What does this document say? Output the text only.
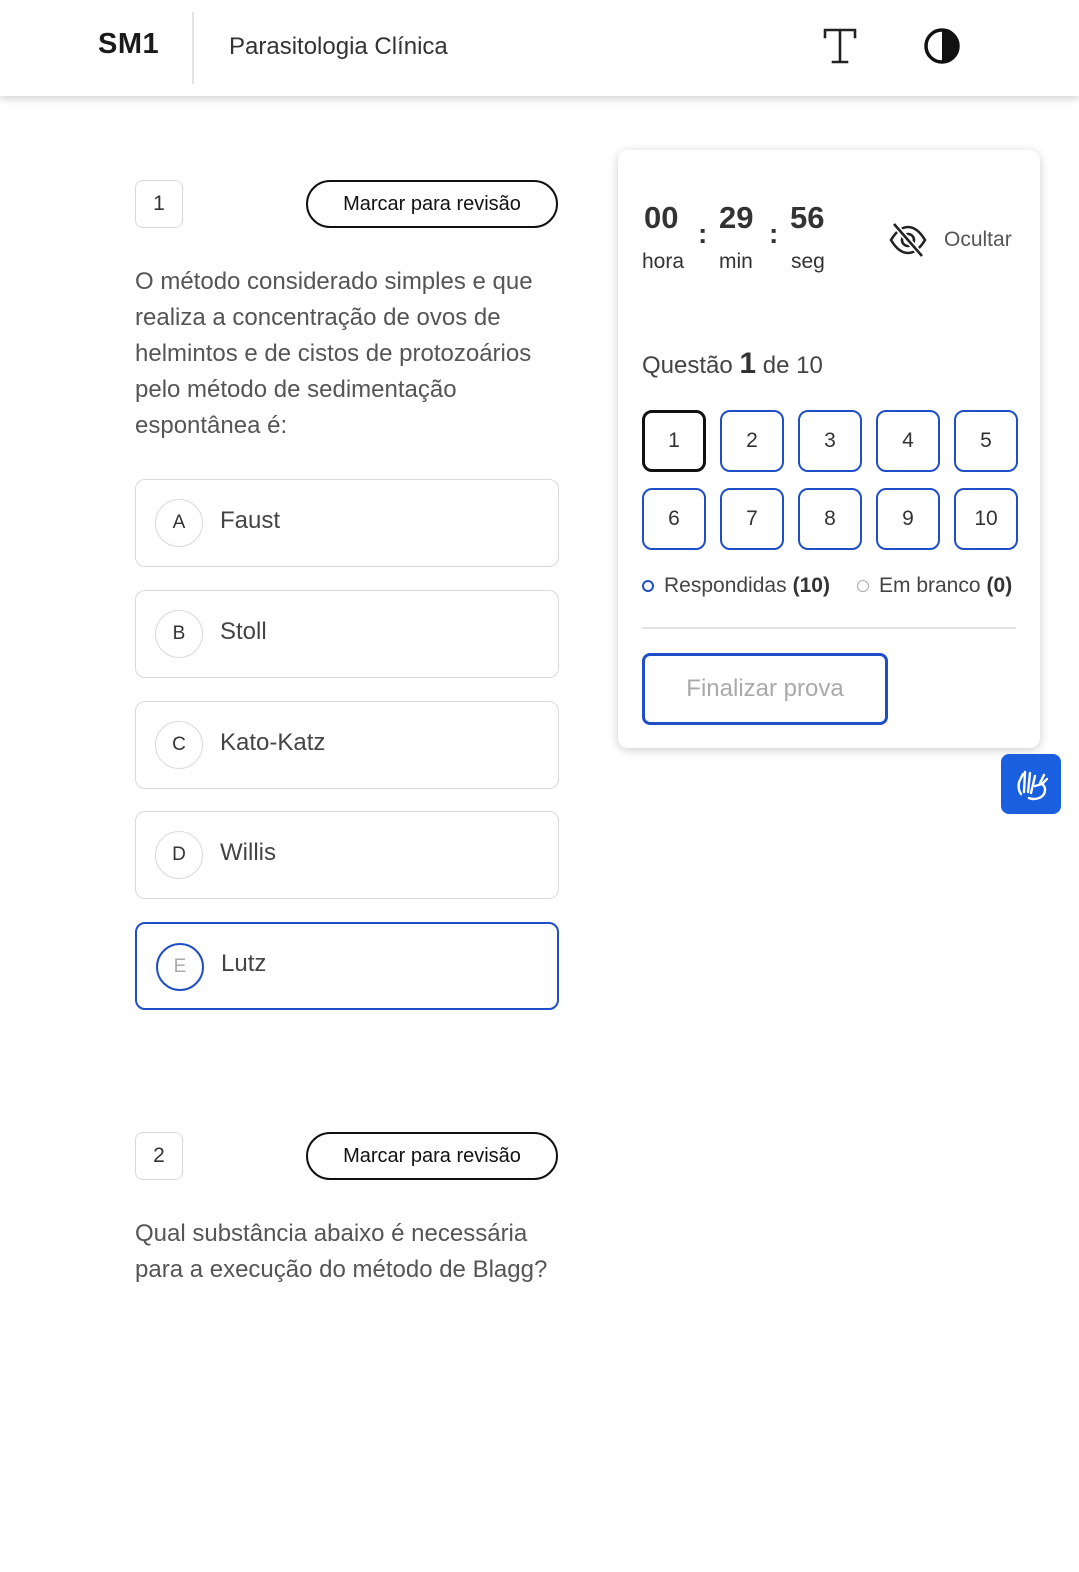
SM1	Parasitologia Clínica
1	Marcar para revisão
O método considerado simples e que realiza a concentração de ovos de helmintos e de cistos de protozoários pelo método de sedimentação espontânea é:
A	Faust
B	Stoll
C	Kato-Katz
D	Willis
E	Lutz
2	Marcar para revisão
Qual substância abaixo é necessária para a execução do método de Blagg?
00 : 29 : 56
hora min seg
Ocultar
Questão 1 de 10
1	2	3	4	5
6	7	8	9	10
Respondidas (10) Em branco (0)
Finalizar prova
